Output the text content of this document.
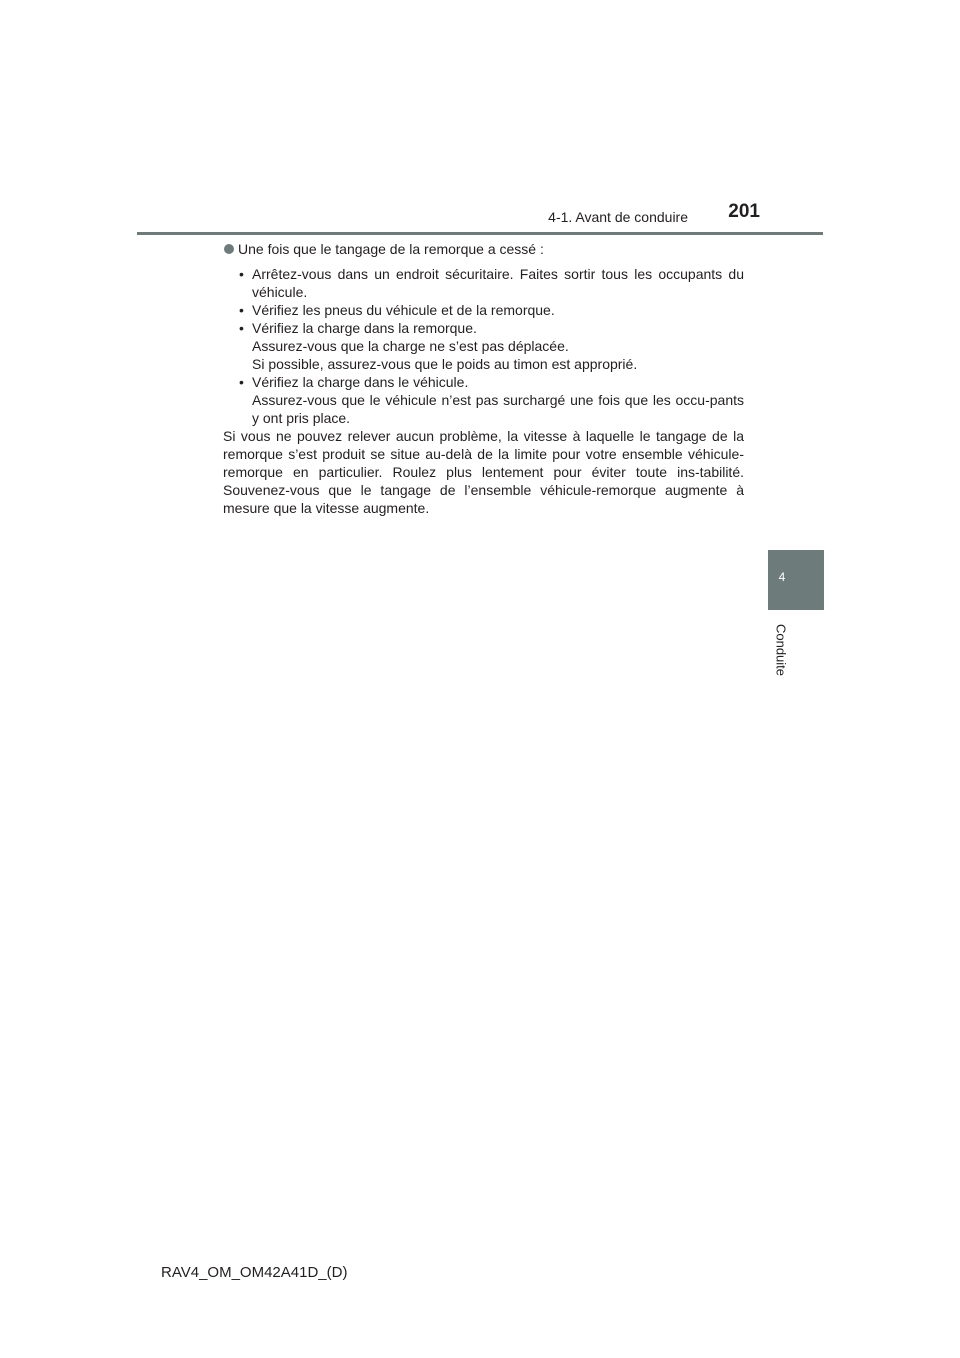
4-1. Avant de conduire 201
4
Conduite
Une fois que le tangage de la remorque a cessé :
• Arrêtez-vous dans un endroit sécuritaire. Faites sortir tous les occupants du véhicule.
• Vérifiez les pneus du véhicule et de la remorque.
• Vérifiez la charge dans la remorque.
Assurez-vous que la charge ne s’est pas déplacée.
Si possible, assurez-vous que le poids au timon est approprié.
• Vérifiez la charge dans le véhicule.
Assurez-vous que le véhicule n’est pas surchargé une fois que les occu-pants y ont pris place.

Si vous ne pouvez relever aucun problème, la vitesse à laquelle le tangage de la remorque s’est produit se situe au-delà de la limite pour votre ensemble véhicule-remorque en particulier. Roulez plus lentement pour éviter toute ins-tabilité. Souvenez-vous que le tangage de l’ensemble véhicule-remorque augmente à mesure que la vitesse augmente.

RAV4_OM_OM42A41D_(D)
